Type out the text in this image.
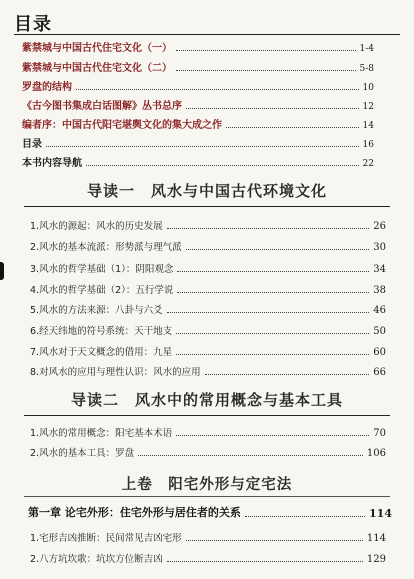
目录
紫禁城与中国古代住宅文化（一）	1-4
紫禁城与中国古代住宅文化（二）	5-8
罗盘的结构	10
《古今图书集成白话图解》丛书总序	12
编者序：中国古代阳宅堪舆文化的集大成之作	14
目录	16
本书内容导航	22
导读一　风水与中国古代环境文化
1.风水的源起：风水的历史发展	26
2.风水的基本流派：形势派与理气派	30
3.风水的哲学基础（1）：阴阳观念	34
4.风水的哲学基础（2）：五行学说	38
5.风水的方法来源：八卦与六爻	46
6.经天纬地的符号系统：天干地支	50
7.风水对于天文概念的借用：九星	60
8.对风水的应用与理性认识：风水的应用	66
导读二　风水中的常用概念与基本工具
1.风水的常用概念：阳宅基本术语	70
2.风水的基本工具：罗盘	106
上卷　阳宅外形与定宅法
第一章 论宅外形：住宅外形与居住者的关系	114
1.宅形吉凶推断：民间常见吉凶宅形	114
2.八方坑坎歌：坑坎方位断吉凶	129
